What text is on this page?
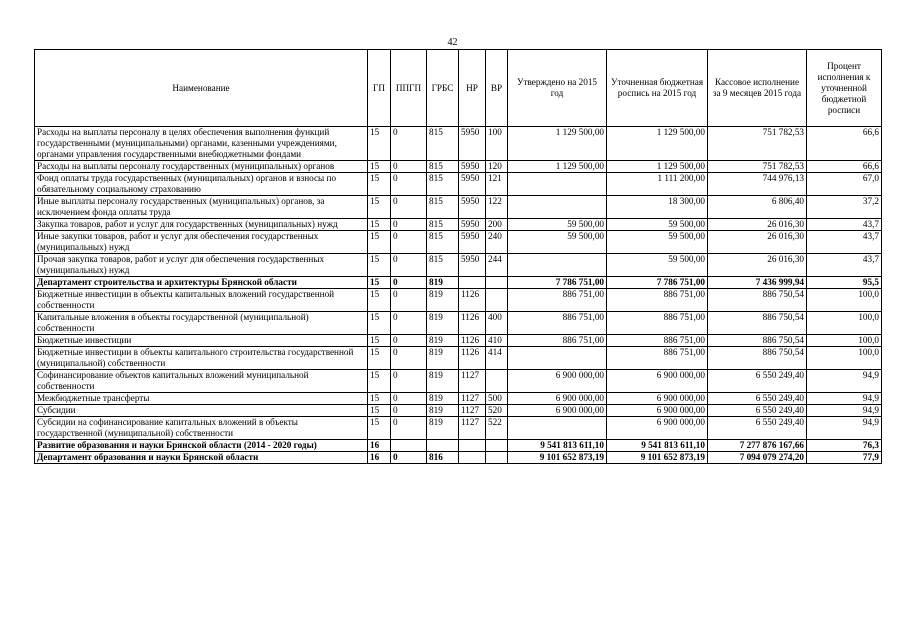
42
Наименование	ГП	ППГП	ГРБС	НР	ВР	Утверждено на 2015 год	Уточненная бюджетная роспись на 2015 год	Кассовое исполнение за 9 месяцев 2015 года	Процент исполнения к уточненной бюджетной росписи
Расходы на выплаты персоналу в целях обеспечения выполнения функций государственными (муниципальными) органами, казенными учреждениями, органами управления государственными внебюджетными фондами	15	0	815	5950	100	1 129 500,00	1 129 500,00	751 782,53	66,6
Расходы на выплаты персоналу государственных (муниципальных) органов	15	0	815	5950	120	1 129 500,00	1 129 500,00	751 782,53	66,6
Фонд оплаты труда государственных (муниципальных) органов и взносы по обязательному социальному страхованию	15	0	815	5950	121		1 111 200,00	744 976,13	67,0
Иные выплаты персоналу государственных (муниципальных) органов, за исключением фонда оплаты труда	15	0	815	5950	122		18 300,00	6 806,40	37,2
Закупка товаров, работ и услуг для государственных (муниципальных) нужд	15	0	815	5950	200	59 500,00	59 500,00	26 016,30	43,7
Иные закупки товаров, работ и услуг для обеспечения государственных (муниципальных) нужд	15	0	815	5950	240	59 500,00	59 500,00	26 016,30	43,7
Прочая закупка товаров, работ и услуг для обеспечения государственных (муниципальных) нужд	15	0	815	5950	244		59 500,00	26 016,30	43,7
Департамент строительства и архитектуры Брянской области	15	0	819			7 786 751,00	7 786 751,00	7 436 999,94	95,5
Бюджетные инвестиции в объекты капитальных вложений государственной собственности	15	0	819	1126		886 751,00	886 751,00	886 750,54	100,0
Капитальные вложения в объекты государственной (муниципальной) собственности	15	0	819	1126	400	886 751,00	886 751,00	886 750,54	100,0
Бюджетные инвестиции	15	0	819	1126	410	886 751,00	886 751,00	886 750,54	100,0
Бюджетные инвестиции в объекты капитального строительства государственной (муниципальной) собственности	15	0	819	1126	414		886 751,00	886 750,54	100,0
Софинансирование объектов капитальных вложений муниципальной собственности	15	0	819	1127		6 900 000,00	6 900 000,00	6 550 249,40	94,9
Межбюджетные трансферты	15	0	819	1127	500	6 900 000,00	6 900 000,00	6 550 249,40	94,9
Субсидии	15	0	819	1127	520	6 900 000,00	6 900 000,00	6 550 249,40	94,9
Субсидии на софинансирование капитальных вложений в объекты государственной (муниципальной) собственности	15	0	819	1127	522		6 900 000,00	6 550 249,40	94,9
Развитие образования и науки Брянской области (2014 - 2020 годы)	16					9 541 813 611,10	9 541 813 611,10	7 277 876 167,66	76,3
Департамент образования и науки Брянской области	16	0	816			9 101 652 873,19	9 101 652 873,19	7 094 079 274,20	77,9
